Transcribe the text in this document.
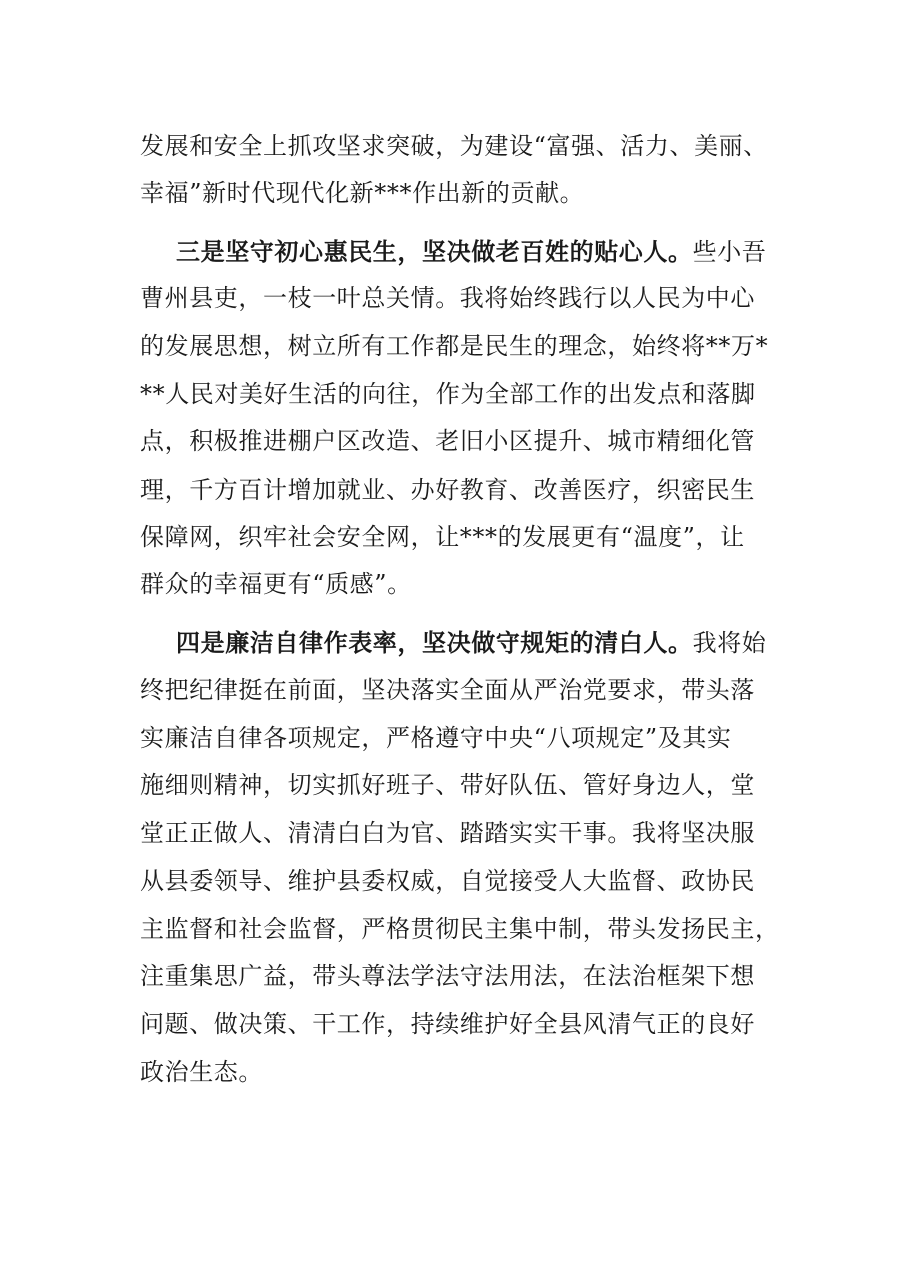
发展和安全上抓攻坚求突破，为建设“富强、活力、美丽、
幸福”新时代现代化新***作出新的贡献。
三是坚守初心惠民生，坚决做老百姓的贴心人。些小吾
曹州县吏，一枝一叶总关情。我将始终践行以人民为中心
的发展思想，树立所有工作都是民生的理念，始终将**万*
**人民对美好生活的向往，作为全部工作的出发点和落脚
点，积极推进棚户区改造、老旧小区提升、城市精细化管
理，千方百计增加就业、办好教育、改善医疗，织密民生
保障网，织牢社会安全网，让***的发展更有“温度”，让
群众的幸福更有“质感”。
四是廉洁自律作表率，坚决做守规矩的清白人。我将始
终把纪律挺在前面，坚决落实全面从严治党要求，带头落
实廉洁自律各项规定，严格遵守中央“八项规定”及其实
施细则精神，切实抓好班子、带好队伍、管好身边人，堂
堂正正做人、清清白白为官、踏踏实实干事。我将坚决服
从县委领导、维护县委权威，自觉接受人大监督、政协民
主监督和社会监督，严格贯彻民主集中制，带头发扬民主，
注重集思广益，带头尊法学法守法用法，在法治框架下想
问题、做决策、干工作，持续维护好全县风清气正的良好
政治生态。
